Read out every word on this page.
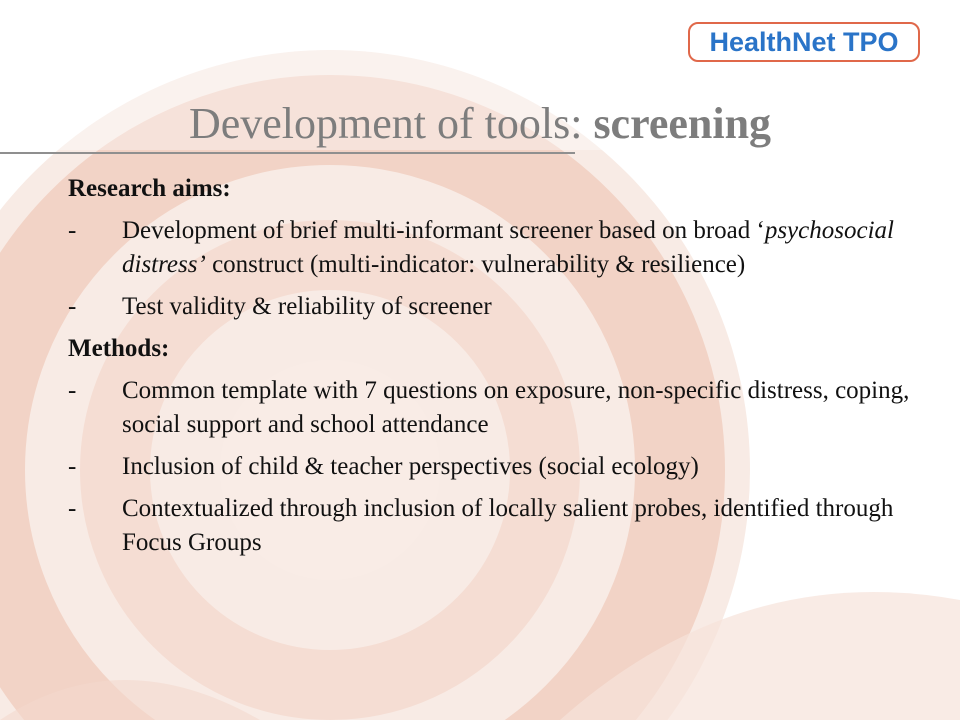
HealthNet TPO
Development of tools: screening
Research aims:
-	Development of brief multi-informant screener based on broad ‘psychosocial distress’ construct (multi-indicator: vulnerability & resilience)
-	Test validity & reliability of screener
Methods:
-	Common template with 7 questions on exposure, non-specific distress, coping, social support and school attendance
-	Inclusion of child & teacher perspectives (social ecology)
-	Contextualized through inclusion of locally salient probes, identified through Focus Groups
